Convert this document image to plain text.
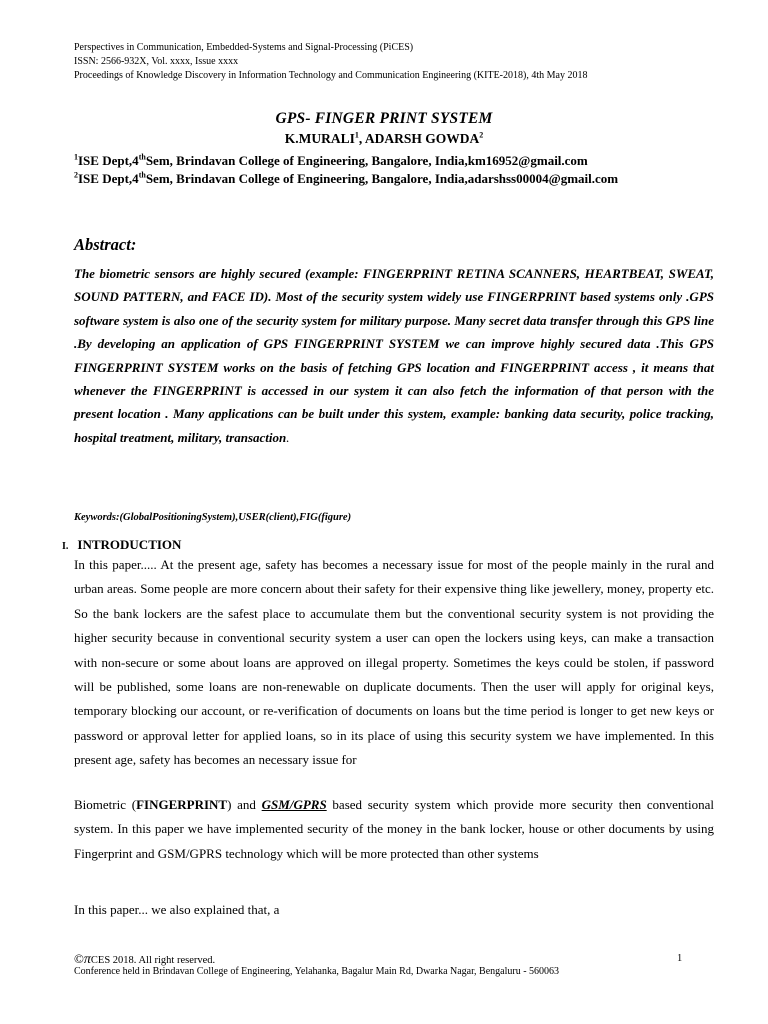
Perspectives in Communication, Embedded-Systems and Signal-Processing (PiCES)
ISSN: 2566-932X, Vol. xxxx, Issue xxxx
Proceedings of Knowledge Discovery in Information Technology and Communication Engineering (KITE-2018), 4th May 2018
GPS- FINGER PRINT SYSTEM
K.MURALI$^1$, ADARSH GOWDA$^2$
$^1$ISE Dept,4thSem, Brindavan College of Engineering, Bangalore, India,km16952@gmail.com
$^2$ISE Dept,4thSem, Brindavan College of Engineering, Bangalore, India,adarshss00004@gmail.com
Abstract:
The biometric sensors are highly secured (example: FINGERPRINT RETINA SCANNERS, HEARTBEAT, SWEAT, SOUND PATTERN, and FACE ID). Most of the security system widely use FINGERPRINT based systems only .GPS software system is also one of the security system for military purpose. Many secret data transfer through this GPS line .By developing an application of GPS FINGERPRINT SYSTEM we can improve highly secured data .This GPS FINGERPRINT SYSTEM works on the basis of fetching GPS location and FINGERPRINT access , it means that whenever the FINGERPRINT is accessed in our system it can also fetch the information of that person with the present location . Many applications can be built under this system, example: banking data security, police tracking, hospital treatment, military, transaction.
Keywords:(GlobalPositioningSystem),USER(client),FIG(figure)
I. INTRODUCTION
In this paper..... At the present age, safety has becomes a necessary issue for most of the people mainly in the rural and urban areas. Some people are more concern about their safety for their expensive thing like jewellery, money, property etc. So the bank lockers are the safest place to accumulate them but the conventional security system is not providing the higher security because in conventional security system a user can open the lockers using keys, can make a transaction with non-secure or some about loans are approved on illegal property. Sometimes the keys could be stolen, if password will be published, some loans are non-renewable on duplicate documents. Then the user will apply for original keys, temporary blocking our account, or re-verification of documents on loans but the time period is longer to get new keys or password or approval letter for applied loans, so in its place of using this security system we have implemented. In this present age, safety has becomes an necessary issue for
Biometric (FINGERPRINT) and GSM/GPRS based security system which provide more security then conventional system. In this paper we have implemented security of the money in the bank locker, house or other documents by using Fingerprint and GSM/GPRS technology which will be more protected than other systems
In this paper... we also explained that, a
©πCES 2018. All right reserved.	1
Conference held in Brindavan College of Engineering, Yelahanka, Bagalur Main Rd, Dwarka Nagar, Bengaluru - 560063
